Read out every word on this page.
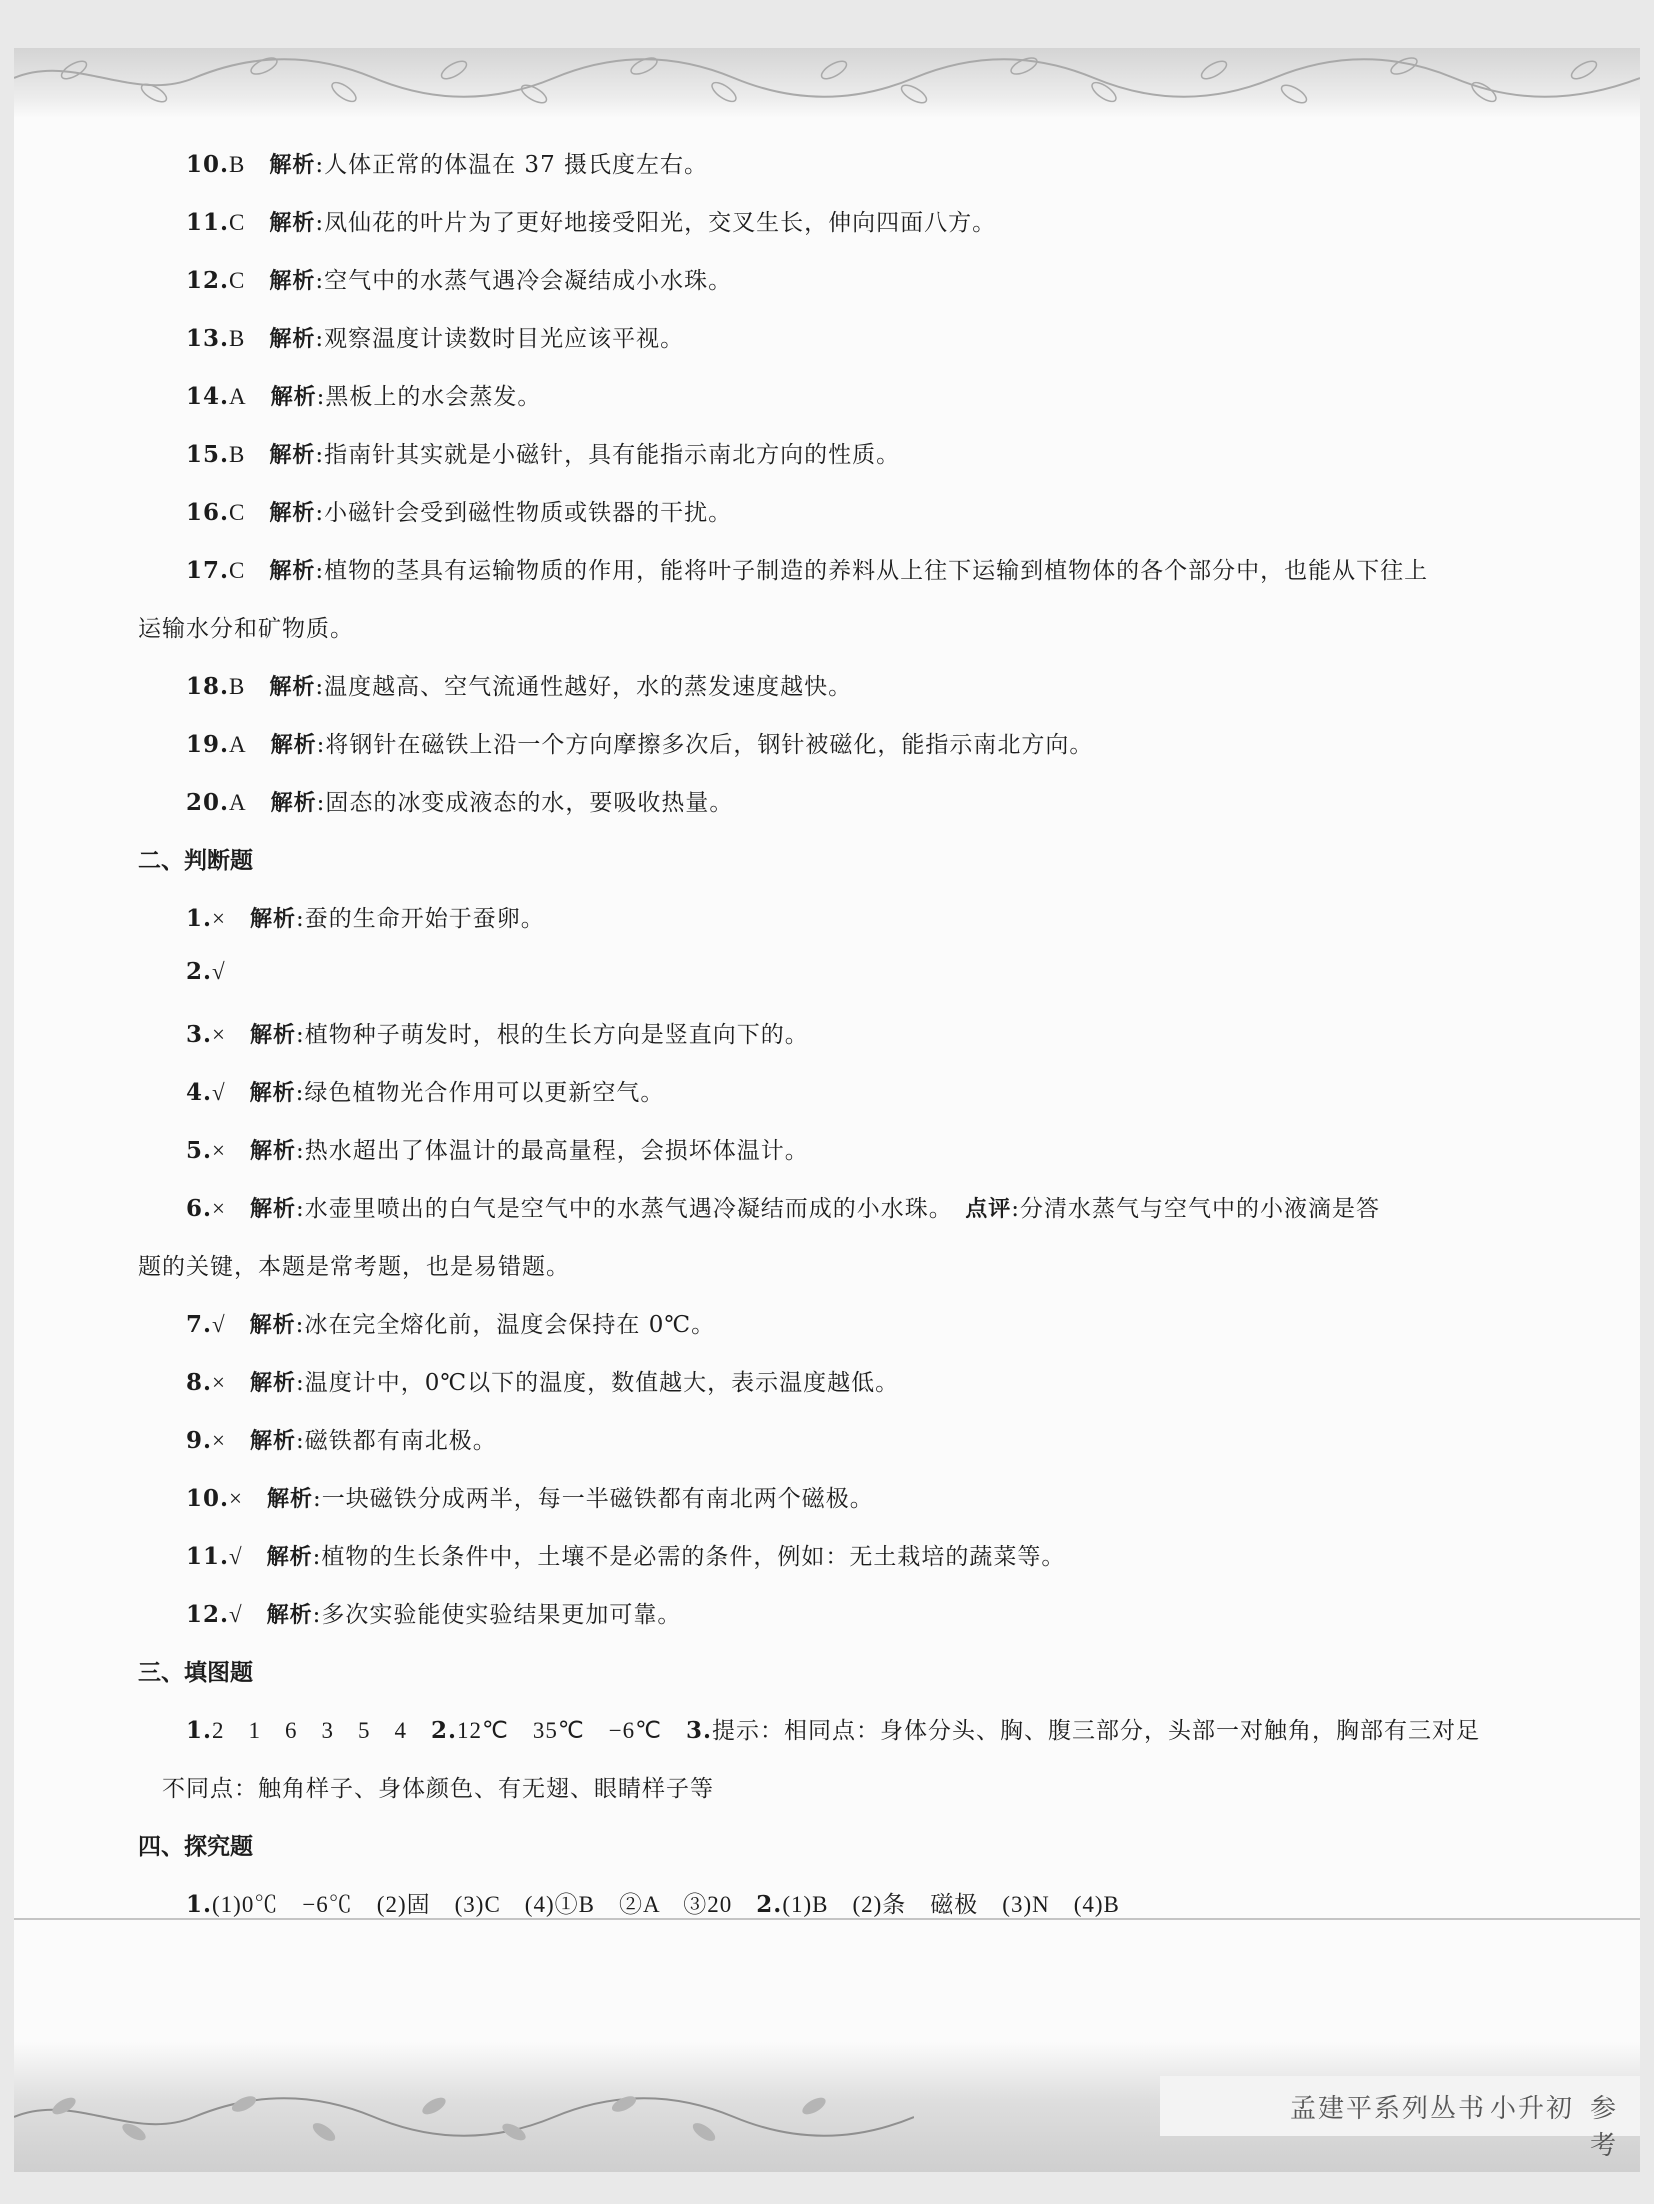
孟建平系列丛书 小升初 参考
10.B　 解析:人体正常的体温在 37 摄氏度左右。
11.C　 解析:凤仙花的叶片为了更好地接受阳光，交叉生长，伸向四面八方。
12.C　 解析:空气中的水蒸气遇冷会凝结成小水珠。
13.B　 解析:观察温度计读数时目光应该平视。
14.A　 解析:黑板上的水会蒸发。
15.B　 解析:指南针其实就是小磁针，具有能指示南北方向的性质。
16.C　 解析:小磁针会受到磁性物质或铁器的干扰。
17.C　 解析:植物的茎具有运输物质的作用，能将叶子制造的养料从上往下运输到植物体的各个部分中，也能从下往上
运输水分和矿物质。
18.B　 解析:温度越高、空气流通性越好，水的蒸发速度越快。
19.A　 解析:将钢针在磁铁上沿一个方向摩擦多次后，钢针被磁化，能指示南北方向。
20.A　 解析:固态的冰变成液态的水，要吸收热量。
二、判断题
1.×　 解析:蚕的生命开始于蚕卵。
2.√
3.×　 解析:植物种子萌发时，根的生长方向是竖直向下的。
4.√　 解析:绿色植物光合作用可以更新空气。
5.×　 解析:热水超出了体温计的最高量程，会损坏体温计。
6.×　 解析:水壶里喷出的白气是空气中的水蒸气遇冷凝结而成的小水珠。　 点评:分清水蒸气与空气中的小液滴是答
题的关键，本题是常考题，也是易错题。
7.√　 解析:冰在完全熔化前，温度会保持在 0℃。
8.×　 解析:温度计中，0℃以下的温度，数值越大，表示温度越低。
9.×　 解析:磁铁都有南北极。
10.×　 解析:一块磁铁分成两半，每一半磁铁都有南北两个磁极。
11.√　 解析:植物的生长条件中，土壤不是必需的条件，例如：无土栽培的蔬菜等。
12.√　 解析:多次实验能使实验结果更加可靠。
三、填图题
1.2　1　6　3　5　4　 2.12℃　35℃　−6℃　 3.提示：相同点：身体分头、胸、腹三部分，头部一对触角，胸部有三对足
不同点：触角样子、身体颜色、有无翅、眼睛样子等
四、探究题
1.(1)0℃　−6℃　(2)固　(3)C　(4)①B　②A　③20　 2.(1)B　(2)条　磁极　(3)N　(4)B
